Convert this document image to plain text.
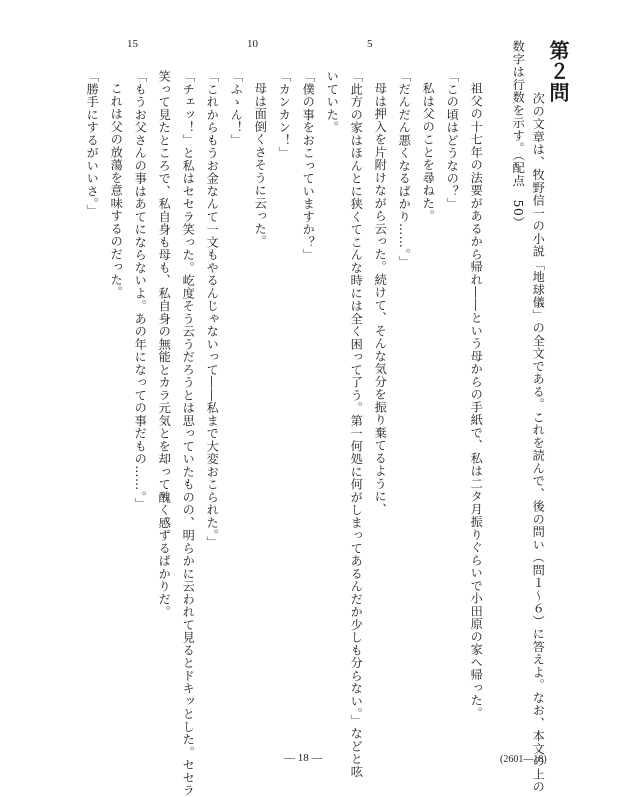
第２問
次の文章は、牧野信一の小説「地球儀」の全文である。これを読んで、後の問い（問１〜６）に答えよ。なお、本文の上の
数字は行数を示す。（配点　50）
5
10
15
祖父の十七年の法要があるから帰れ――という母からの手紙で、私は二タ月振りぐらいで小田原の家へ帰った。
「この頃はどうなの？」
私は父のことを尋ねた。
「だんだん悪くなるばかり……。」
母は押入を片附けながら云った。続けて、そんな気分を振り棄てるように、
「此方の家はほんとに狭くてこんな時には全く困って了う。第一何処に何がしまってあるんだか少しも分らない。」などと呟
いていた。
「僕の事をおこっていますか？」
「カンカン！」
母は面倒くさそうに云った。
「ふゝん！」
「これからもうお金なんて一文もやるんじゃないって――私まで大変おこられた。」
「チェッ！」と私はセセラ笑った。屹度そう云うだろうとは思っていたものの、明らかに云われて見るとドキッとした。セセラ
笑って見たところで、私自身も母も、私自身の無能とカラ元気とを却って醜く感ずるばかりだ。
「もうお父さんの事はあてにならないよ。あの年になっての事だもの……。」
これは父の放蕩を意味するのだった。
「勝手にするがいいさ。」
— 18 —	(2601—18)
